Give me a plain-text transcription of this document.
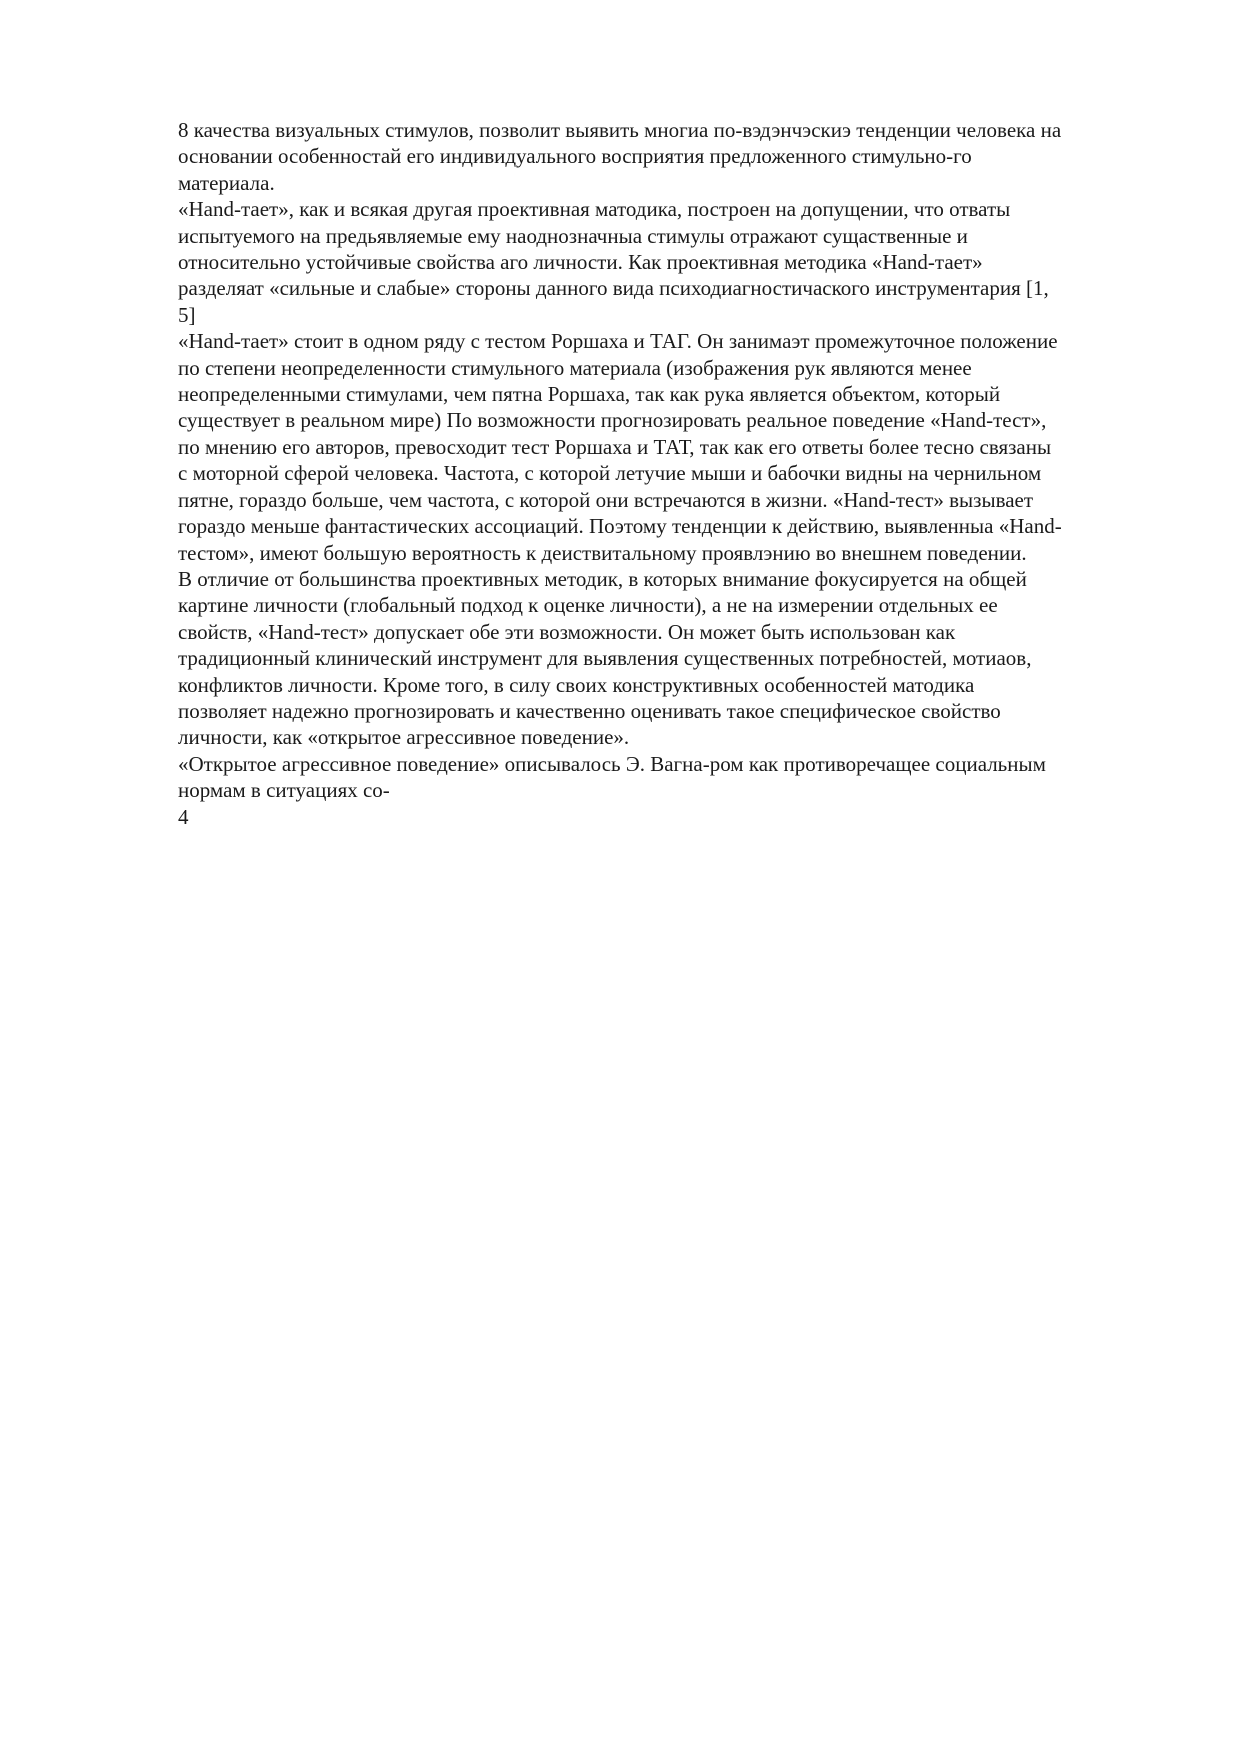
8 качества визуальных стимулов, позволит выявить многиа по-вэдэнчэскиэ тенденции человека на
основании особенностай его индивидуального восприятия предложенного стимульно-го
материала.

«Hand-таeт», как и всякая другая проективная матодика, построен на допущении, что отваты
испытуемого на предьявляемые ему наоднозначныa стимулы отражают сущаственные и
относительно устойчивые свойства аго личности. Как проективная методика «Hand-таeт»
разделяат «сильные и слабые» стороны данного вида психодиагностичаского инструментария [1,
5]

«Hand-таeт» стоит в одном ряду с тестом Роршаха и ТАГ. Он занимаэт промежуточное положение
по степени неопределенности стимульного материала (изображения рук являются менее
неопределенными стимулами, чем пятна Роршаха, так как рука является объектом, который
существует в реальном мире) По возможности прогнозировать реальное поведение «Hand-тест»,
по мнению его авторов, превосходит тест Роршаха и ТАТ, так как его ответы более тесно связаны
с моторной сферой человека. Частота, с которой летучие мыши и бабочки видны на чернильном
пятне, гораздо больше, чем частота, с которой они встречаются в жизни. «Hand-тест» вызывает
гораздо меньше фантастических ассоциаций. Поэтому тенденции к действию, выявленныa «Hand-
тестом», имеют большую вероятность к деиствитальному проявлэнию во внешнем поведении.

В отличие от большинства проективных методик, в которых внимание фокусируется на общей
картине личности (глобальный подход к оценке личности), а не на измерении отдельных ее
свойств, «Hand-тест» допускает обе эти возможности. Он может быть использован как
традиционный клинический инструмент для выявления существенных потребностей, мотиаов,
конфликтов личности. Кроме того, в силу своих конструктивных особенностей матодика
позволяет надежно прогнозировать и качественно оценивать такое специфическое свойство
личности, как «открытое агрессивное поведение».

«Открытое агрессивное поведение» описывалось Э. Вагна-ром как противоречащее социальным
нормам в ситуациях со-

4
